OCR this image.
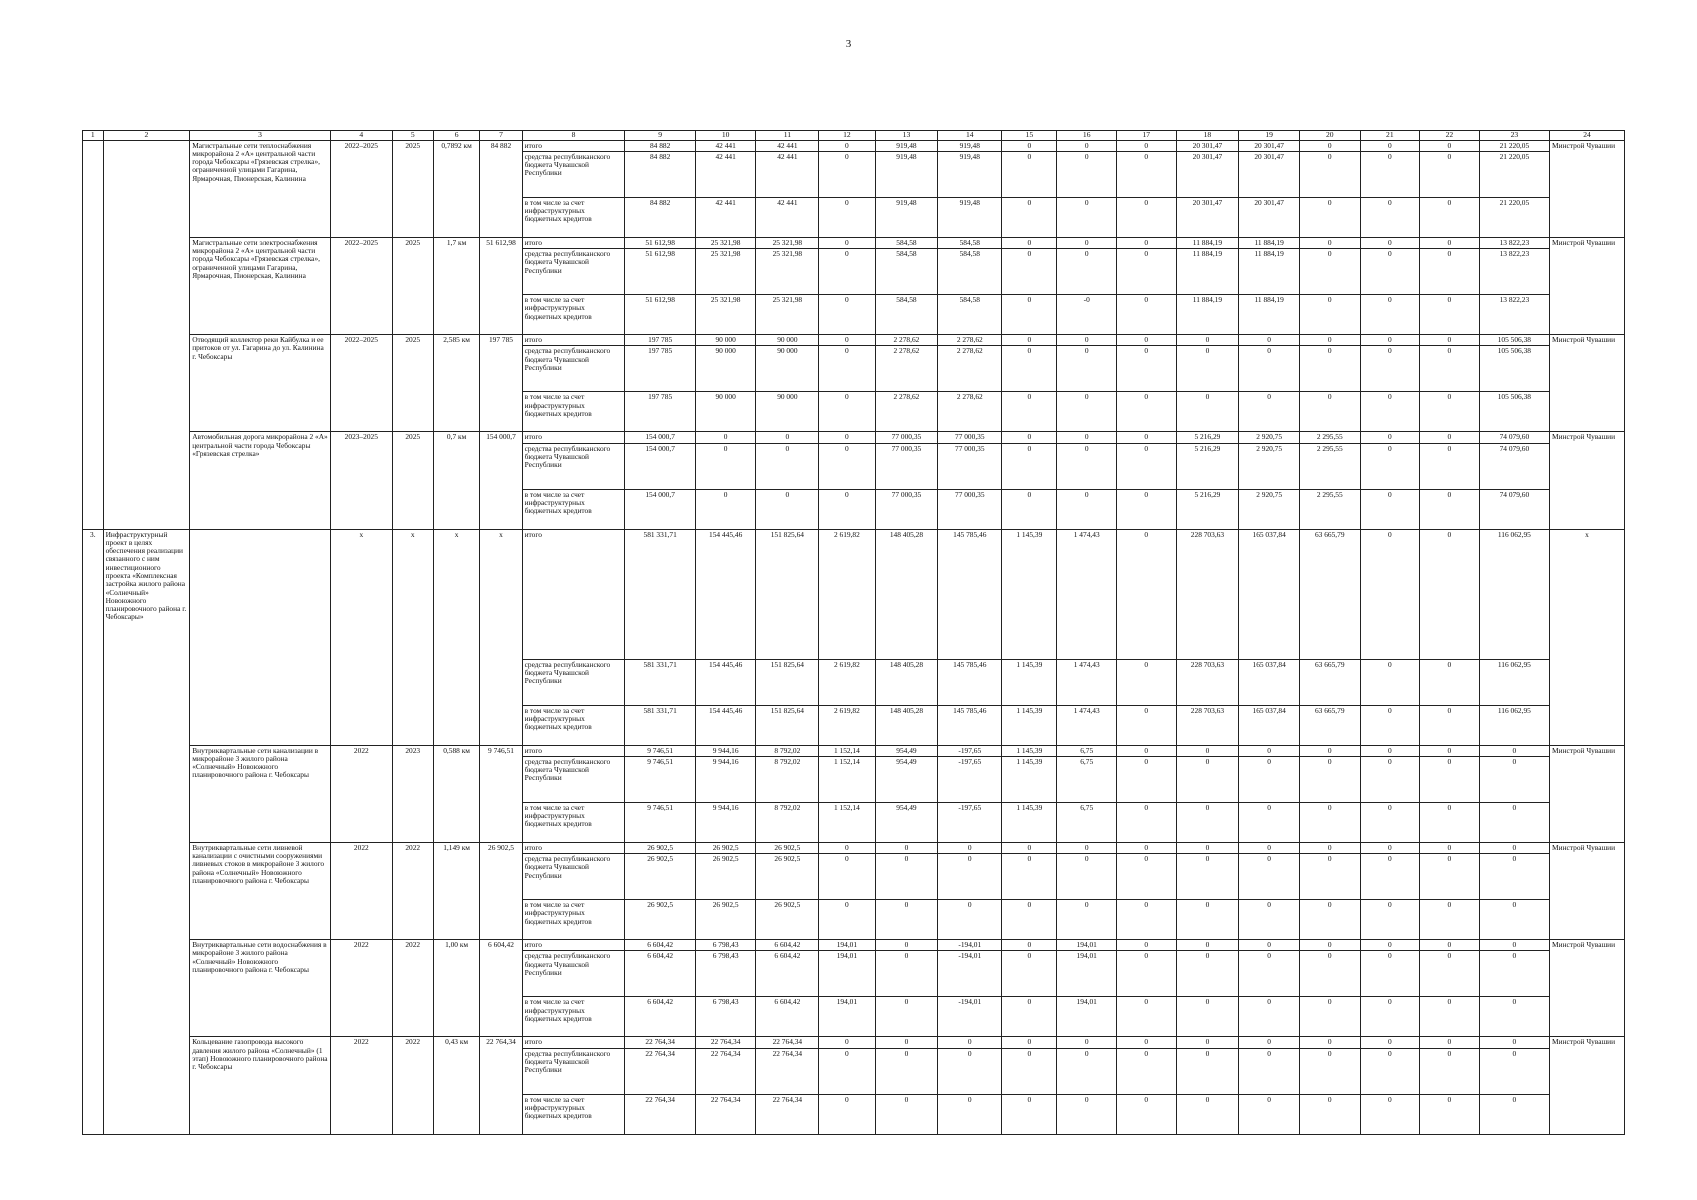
3
1	2	3	4	5	6	7	8	9	10	11	12	13	14	15	16	17	18	19	20	21	22	23	24
		Магистральные сети теплоснабжения микрорайона 2 «А» центральной части города Чебоксары «Грязевская стрелка», ограниченной улицами Гагарина, Ярмарочная, Пионерская, Калинина	2022–2025	2025	0,7892 км	84 882	итого	84 882	42 441	42 441	0	919,48	919,48	0	0	0	20 301,47	20 301,47	0	0	0	21 220,05	Минстрой Чувашии
							средства республиканского бюджета Чувашской Республики	84 882	42 441	42 441	0	919,48	919,48	0	0	0	20 301,47	20 301,47	0	0	0	21 220,05	
							в том числе за счет инфраструктурных бюджетных кредитов	84 882	42 441	42 441	0	919,48	919,48	0	0	0	20 301,47	20 301,47	0	0	0	21 220,05	
		Магистральные сети электроснабжения микрорайона 2 «А» центральной части города Чебоксары «Грязевская стрелка», ограниченной улицами Гагарина, Ярмарочная, Пионерская, Калинина	2022–2025	2025	1,7 км	51 612,98	итого	51 612,98	25 321,98	25 321,98	0	584,58	584,58	0	0	0	11 884,19	11 884,19	0	0	0	13 822,23	Минстрой Чувашии
							средства республиканского бюджета Чувашской Республики	51 612,98	25 321,98	25 321,98	0	584,58	584,58	0	0	0	11 884,19	11 884,19	0	0	0	13 822,23	
							в том числе за счет инфраструктурных бюджетных кредитов	51 612,98	25 321,98	25 321,98	0	584,58	584,58	0	-0	0	11 884,19	11 884,19	0	0	0	13 822,23	
		Отводящий коллектор реки Кайбулка и ее притоков от ул. Гагарина до ул. Калинина г. Чебоксары	2022–2025	2025	2,585 км	197 785	итого	197 785	90 000	90 000	0	2 278,62	2 278,62	0	0	0	0	0	0	0	0	105 506,38	Минстрой Чувашии
							средства республиканского бюджета Чувашской Республики	197 785	90 000	90 000	0	2 278,62	2 278,62	0	0	0	0	0	0	0	0	105 506,38	
							в том числе за счет инфраструктурных бюджетных кредитов	197 785	90 000	90 000	0	2 278,62	2 278,62	0	0	0	0	0	0	0	0	105 506,38	
		Автомобильная дорога микрорайона 2 «А» центральной части города Чебоксары «Грязевская стрелка»	2023–2025	2025	0,7 км	154 000,7	итого	154 000,7	0	0	0	77 000,35	77 000,35	0	0	0	5 216,29	2 920,75	2 295,55	0	0	74 079,60	Минстрой Чувашии
							средства республиканского бюджета Чувашской Республики	154 000,7	0	0	0	77 000,35	77 000,35	0	0	0	5 216,29	2 920,75	2 295,55	0	0	74 079,60	
							в том числе за счет инфраструктурных бюджетных кредитов	154 000,7	0	0	0	77 000,35	77 000,35	0	0	0	5 216,29	2 920,75	2 295,55	0	0	74 079,60	
3.	Инфраструктурный проект в целях обеспечения реализации связанного с ним инвестиционного проекта «Комплексная застройка жилого района «Солнечный» Новоюжного планировочного района г. Чебоксары»		х	х	х	х	итого	581 331,71	154 445,46	151 825,64	2 619,82	148 405,28	145 785,46	1 145,39	1 474,43	0	228 703,63	165 037,84	63 665,79	0	0	116 062,95	х
							средства республиканского бюджета Чувашской Республики	581 331,71	154 445,46	151 825,64	2 619,82	148 405,28	145 785,46	1 145,39	1 474,43	0	228 703,63	165 037,84	63 665,79	0	0	116 062,95	
							в том числе за счет инфраструктурных бюджетных кредитов	581 331,71	154 445,46	151 825,64	2 619,82	148 405,28	145 785,46	1 145,39	1 474,43	0	228 703,63	165 037,84	63 665,79	0	0	116 062,95	
		Внутриквартальные сети канализации в микрорайоне 3 жилого района «Солнечный» Новоюжного планировочного района г. Чебоксары	2022	2023	0,588 км	9 746,51	итого	9 746,51	9 944,16	8 792,02	1 152,14	954,49	-197,65	1 145,39	6,75	0	0	0	0	0	0	0	Минстрой Чувашии
							средства республиканского бюджета Чувашской Республики	9 746,51	9 944,16	8 792,02	1 152,14	954,49	-197,65	1 145,39	6,75	0	0	0	0	0	0	0	
							в том числе за счет инфраструктурных бюджетных кредитов	9 746,51	9 944,16	8 792,02	1 152,14	954,49	-197,65	1 145,39	6,75	0	0	0	0	0	0	0	
		Внутриквартальные сети ливневой канализации с очистными сооружениями ливневых стоков в микрорайоне 3 жилого района «Солнечный» Новоюжного планировочного района г. Чебоксары	2022	2022	1,149 км	26 902,5	итого	26 902,5	26 902,5	26 902,5	0	0	0	0	0	0	0	0	0	0	0	0	Минстрой Чувашии
							средства республиканского бюджета Чувашской Республики	26 902,5	26 902,5	26 902,5	0	0	0	0	0	0	0	0	0	0	0	0	
							в том числе за счет инфраструктурных бюджетных кредитов	26 902,5	26 902,5	26 902,5	0	0	0	0	0	0	0	0	0	0	0	0	
		Внутриквартальные сети водоснабжения в микрорайоне 3 жилого района «Солнечный» Новоюжного планировочного района г. Чебоксары	2022	2022	1,00 км	6 604,42	итого	6 604,42	6 798,43	6 604,42	194,01	0	-194,01	0	194,01	0	0	0	0	0	0	0	Минстрой Чувашии
							средства республиканского бюджета Чувашской Республики	6 604,42	6 798,43	6 604,42	194,01	0	-194,01	0	194,01	0	0	0	0	0	0	0	
							в том числе за счет инфраструктурных бюджетных кредитов	6 604,42	6 798,43	6 604,42	194,01	0	-194,01	0	194,01	0	0	0	0	0	0	0	
		Кольцевание газопровода высокого давления жилого района «Солнечный» (1 этап) Новоюжного планировочного района г. Чебоксары	2022	2022	0,43 км	22 764,34	итого	22 764,34	22 764,34	22 764,34	0	0	0	0	0	0	0	0	0	0	0	0	Минстрой Чувашии
							средства республиканского бюджета Чувашской Республики	22 764,34	22 764,34	22 764,34	0	0	0	0	0	0	0	0	0	0	0	0	
							в том числе за счет инфраструктурных бюджетных кредитов	22 764,34	22 764,34	22 764,34	0	0	0	0	0	0	0	0	0	0	0	0	
